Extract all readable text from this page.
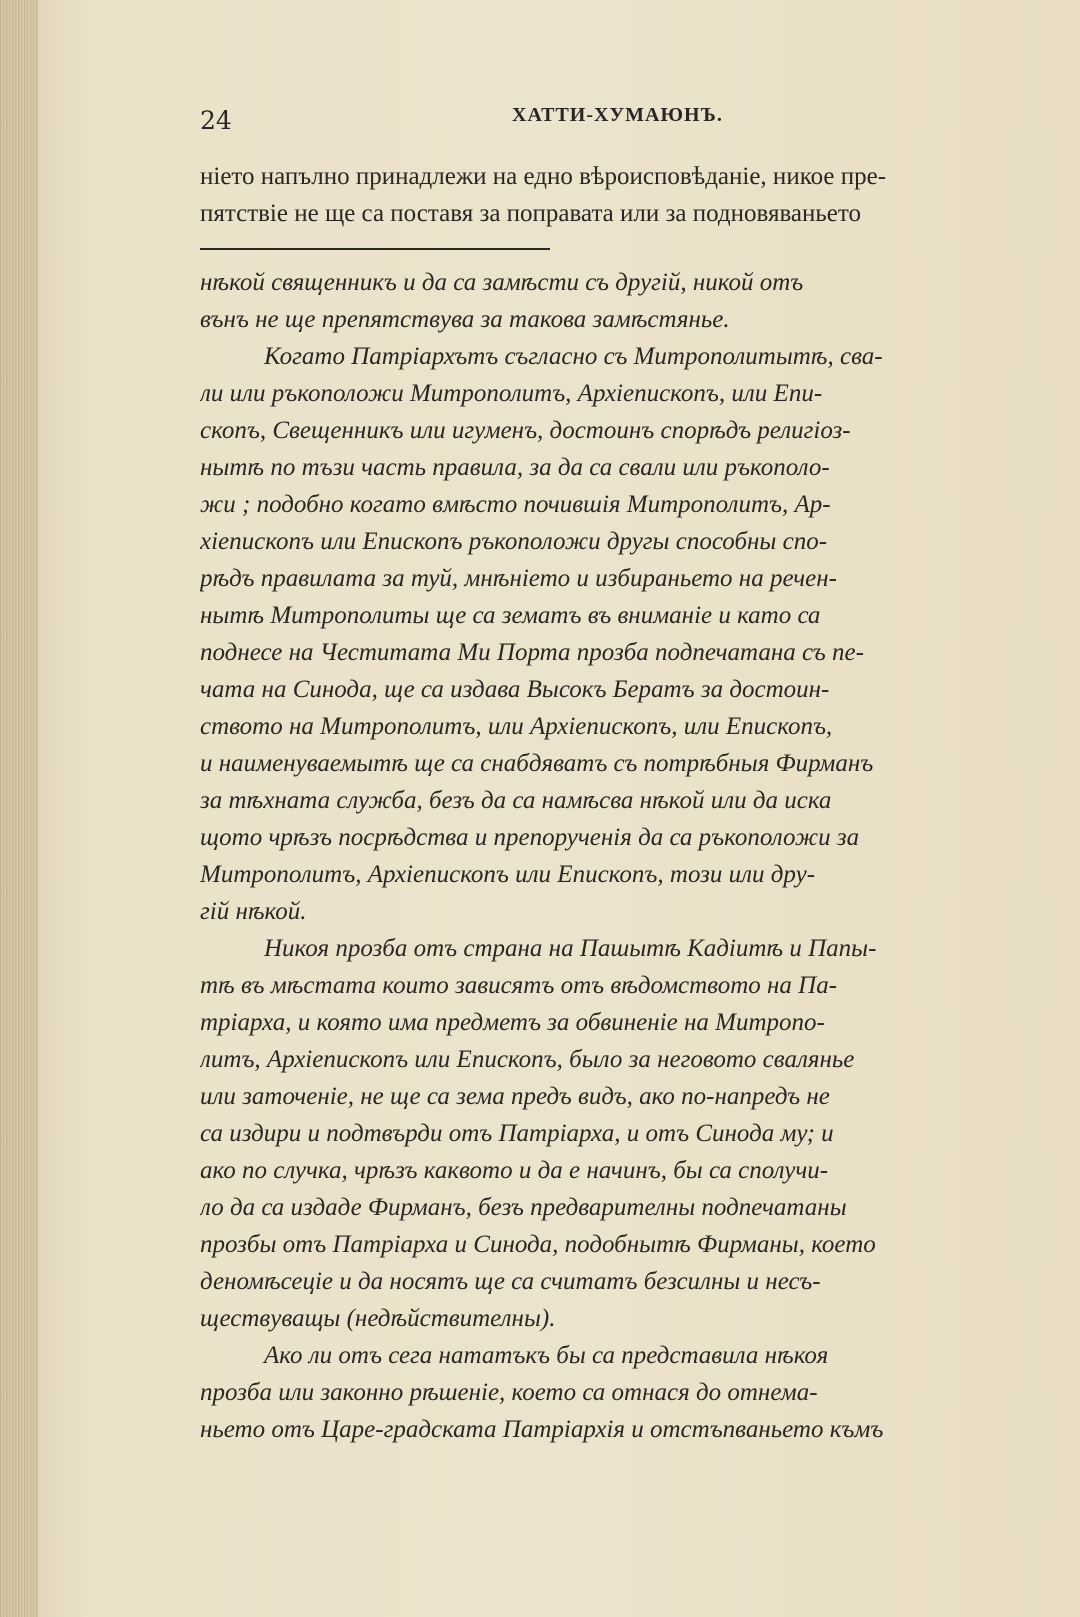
24	ХАТТИ-ХУМАЮНЪ.
ніето напълно принадлежи на едно вѣроисповѣданіе, никое пре-
пятствіе не ще са поставя за поправата или за подновяваньето
нѣкой священникъ и да са замѣсти съ другій, никой отъ
вънъ не ще препятствува за такова замѣстяньe.
Когато Патріархътъ съгласно съ Митрополитытѣ, сва-
ли или ръкоположи Митрополитъ, Архіепископъ, или Епи-
скопъ, Свещенникъ или игуменъ, достоинъ спорѣдъ религіоз-
нытѣ по тъзи часть правила, за да са свали или ръкополо-
жи ; подобно когато вмѣсто почившія Митрополитъ, Ар-
хіепископъ или Епископъ ръкоположи другы способны спо-
рѣдъ правилата за туй, мнѣніето и избираньето на речен-
нытѣ Митрополиты ще са зематъ въ вниманіе и като са
поднесе на Честитата Ми Порта прозба подпечатана съ пе-
чата на Синода, ще са издава Высокъ Бератъ за достоин-
ството на Митрополитъ, или Архіепископъ, или Епископъ,
и наименуваемытѣ ще са снабдяватъ съ потрѣбныя Фирманъ
за тѣхната служба, безъ да са намѣсва нѣкой или да иска
щото чрѣзъ посрѣдства и препорученія да са ръкоположи за
Митрополитъ, Архіепископъ или Епископъ, този или дру-
гій нѣкой.
Никоя прозба отъ страна на Пашытѣ Кадіитѣ и Папы-
тѣ въ мѣстата които зависятъ отъ вѣдомството на Па-
тріарха, и която има предметъ за обвиненіе на Митропо-
литъ, Архіепископъ или Епископъ, было за неговото сваляньe
или заточеніе, не ще са зема предъ видъ, ако по-напредъ не
са издири и подтвърди отъ Патріарха, и отъ Синода му; и
ако по случка, чрѣзъ каквото и да е начинъ, бы са сполучи-
ло да са издаде Фирманъ, безъ предварителны подпечатаны
прозбы отъ Патріарха и Синода, подобнытѣ Фирманы, което
деномѣсеціе и да носятъ ще са считатъ безсилны и несъ-
ществуващы (недѣйствителны).
Ако ли отъ сега нататъкъ бы са представила нѣкоя
прозба или законно рѣшеніе, което са отнася до отнема-
ньето отъ Царе-градската Патріархія и отстъпваньето къмъ
